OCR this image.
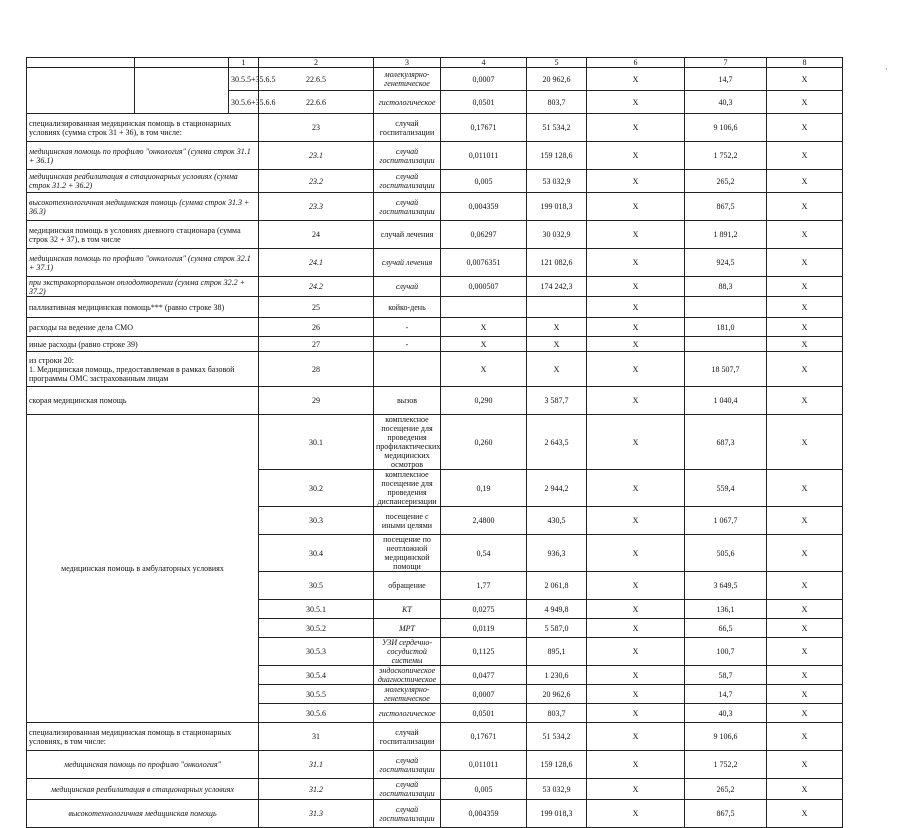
		1	2	3	4	5	6	7	8	
		30.5.5+35.6.5	22.6.5	молекулярно-генетическое	0,0007	20 962,6	X	14,7	X		
		30.5.6+35.6.6	22.6.6	гистологическое	0,0501	803,7	X	40,3	X		
специализированная медицинская помощь в стационарных условиях (сумма строк 31 + 36), в том числе:			23	случай госпитализации	0,17671	51 534,2	X	9 106,6	X		
медицинская помощь по профилю "онкология" (сумма строк 31.1 + 36.1)			23.1	случай госпитализации	0,011011	159 128,6	X	1 752,2	X		
медицинская реабилитация в стационарных условиях (сумма строк 31.2 + 36.2)			23.2	случай госпитализации	0,005	53 032,9	X	265,2	X		
высокотехнологичная медицинская помощь (сумма строк 31.3 + 36.3)			23.3	случай госпитализации	0,004359	199 018,3	X	867,5	X		
медицинская помощь в условиях дневного стационара (сумма строк 32 + 37), в том числе			24	случай лечения	0,06297	30 032,9	X	1 891,2	X		
медицинская помощь по профилю "онкология" (сумма строк 32.1 + 37.1)			24.1	случай лечения	0,0076351	121 082,6	X	924,5	X		
при экстракорпоральном оплодотворении (сумма строк 32.2 + 37.2)			24.2	случай	0,000507	174 242,3	X	88,3	X		
паллиативная медицинская помощь*** (равно строке 38)			25	койко-день			X		X		
расходы на ведение дела СМО			26	-	X	X	X	181,0	X		
иные расходы (равно строке 39)			27	-	X	X	X		X		

из строки 20:
1. Медицинская помощь, предоставляемая в рамках базовой программы ОМС застрахованным лицам			28		X	X	X	18 507,7	X		
скорая медицинская помощь			29	вызов	0,290	3 587,7	X	1 040,4	X		
медицинская помощь в амбулаторных условиях			30.1	комплексное посещение для проведения профилактических медицинских осмотров	0,260	2 643,5	X	687,3	X		
			30.2	комплексное посещение для проведения диспансеризации	0,19	2 944,2	X	559,4	X		
			30.3	посещение с иными целями	2,4800	430,5	X	1 067,7	X		
			30.4	посещение по неотложной медицинской помощи	0,54	936,3	X	505,6	X		
			30.5	обращение	1,77	2 061,8	X	3 649,5	X		
			30.5.1	КТ	0,0275	4 949,8	X	136,1	X		
			30.5.2	МРТ	0,0119	5 587,0	X	66,5	X		
			30.5.3	УЗИ сердечно-сосудистой системы	0,1125	895,1	X	100,7	X		
			30.5.4	эндоскопическое диагностическое	0,0477	1 230,6	X	58,7	X		
			30.5.5	молекулярно-генетическое	0,0007	20 962,6	X	14,7	X		
			30.5.6	гистологическое	0,0501	803,7	X	40,3	X		
специализированная медицинская помощь в стационарных условиях, в том числе:			31	случай госпитализации	0,17671	51 534,2	X	9 106,6	X		
медицинская помощь по профилю "онкология"			31.1	случай госпитализации	0,011011	159 128,6	X	1 752,2	X		
медицинская реабилитация в стационарных условиях			31.2	случай госпитализации	0,005	53 032,9	X	265,2	X		
высокотехнологичная медицинская помощь			31.3	случай госпитализации	0,004359	199 018,3	X	867,5	X		
·
